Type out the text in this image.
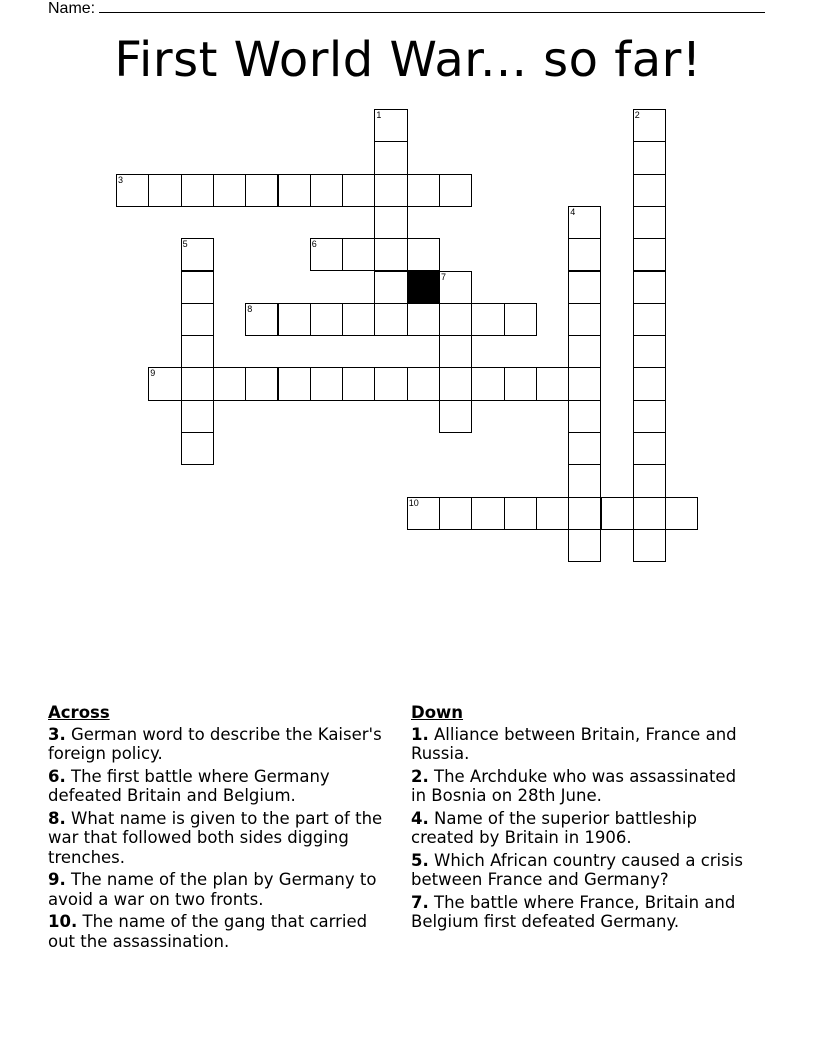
Name:
First World War... so far!
1	2
3
4
5	6
7
8
9
10
Across
3. German word to describe the Kaiser's foreign policy.
6. The first battle where Germany defeated Britain and Belgium.
8. What name is given to the part of the war that followed both sides digging trenches.
9. The name of the plan by Germany to avoid a war on two fronts.
10. The name of the gang that carried out the assassination.
Down
1. Alliance between Britain, France and Russia.
2. The Archduke who was assassinated in Bosnia on 28th June.
4. Name of the superior battleship created by Britain in 1906.
5. Which African country caused a crisis between France and Germany?
7. The battle where France, Britain and Belgium first defeated Germany.
